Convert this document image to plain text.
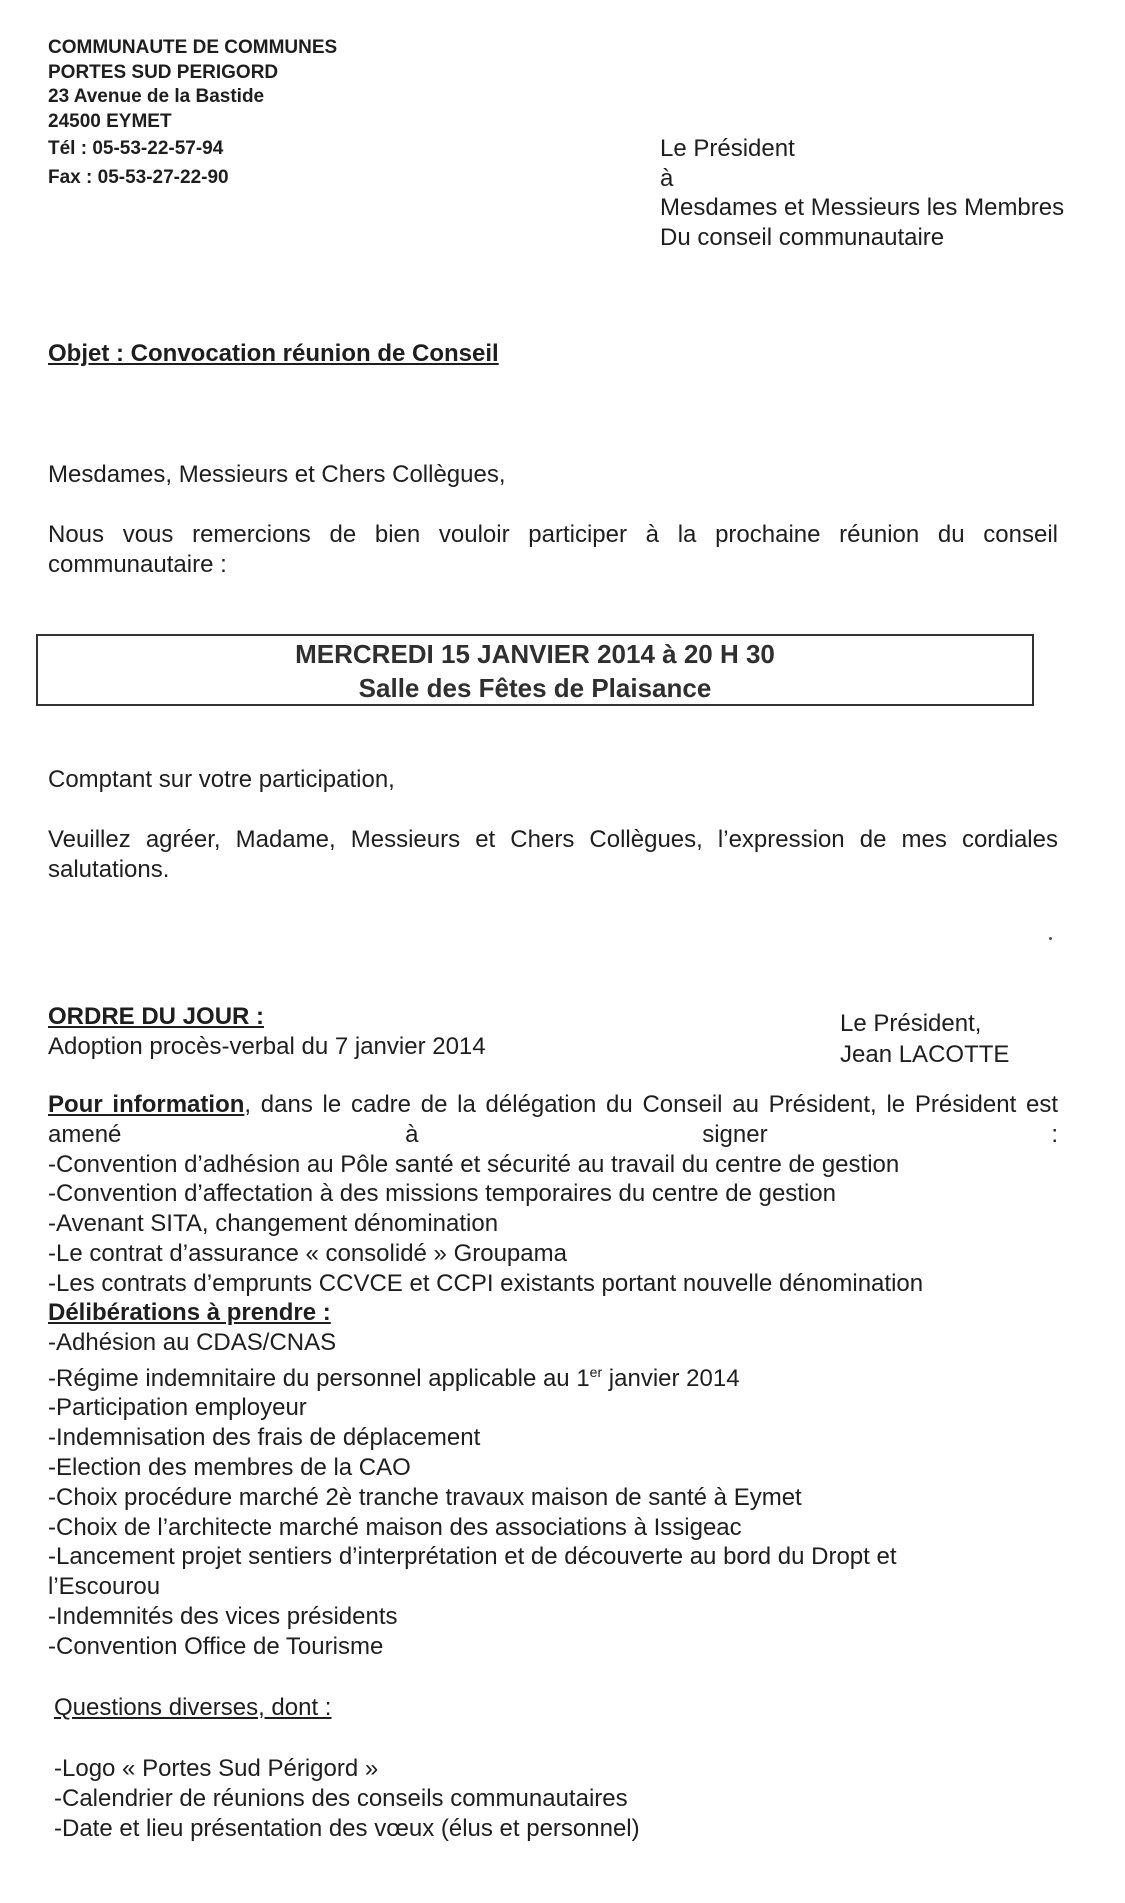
COMMUNAUTE DE COMMUNES
PORTES SUD PERIGORD
23 Avenue de la Bastide
24500 EYMET
Tél : 05-53-22-57-94
Fax : 05-53-27-22-90
Le Président
à
Mesdames et Messieurs les Membres
Du conseil communautaire
Objet : Convocation réunion de Conseil
Mesdames, Messieurs et Chers Collègues,
Nous vous remercions de bien vouloir participer à la prochaine réunion du conseil communautaire :
MERCREDI 15 JANVIER 2014 à 20 H 30
Salle des Fêtes de Plaisance
Comptant sur votre participation,
Veuillez agréer, Madame, Messieurs et Chers Collègues, l’expression de mes cordiales salutations.
ORDRE DU JOUR :
Adoption procès-verbal du 7 janvier 2014
Le Président,
Jean LACOTTE
Pour information, dans le cadre de la délégation du Conseil au Président, le Président est amené à signer :
-Convention d’adhésion au Pôle santé et sécurité au travail du centre de gestion
-Convention d’affectation à des missions temporaires du centre de gestion
-Avenant SITA, changement dénomination
-Le contrat d’assurance « consolidé » Groupama
-Les contrats d’emprunts CCVCE et CCPI existants portant nouvelle dénomination
Délibérations à prendre :
-Adhésion au CDAS/CNAS
-Régime indemnitaire du personnel applicable au 1er janvier 2014
-Participation employeur
-Indemnisation des frais de déplacement
-Election des membres de la CAO
-Choix procédure marché 2è tranche travaux maison de santé à Eymet
-Choix de l’architecte marché maison des associations à Issigeac
-Lancement projet sentiers d’interprétation et de découverte au bord du Dropt et
l’Escourou
-Indemnités des vices présidents
-Convention Office de Tourisme
Questions diverses, dont :
-Logo « Portes Sud Périgord »
-Calendrier de réunions des conseils communautaires
-Date et lieu présentation des vœux (élus et personnel)
